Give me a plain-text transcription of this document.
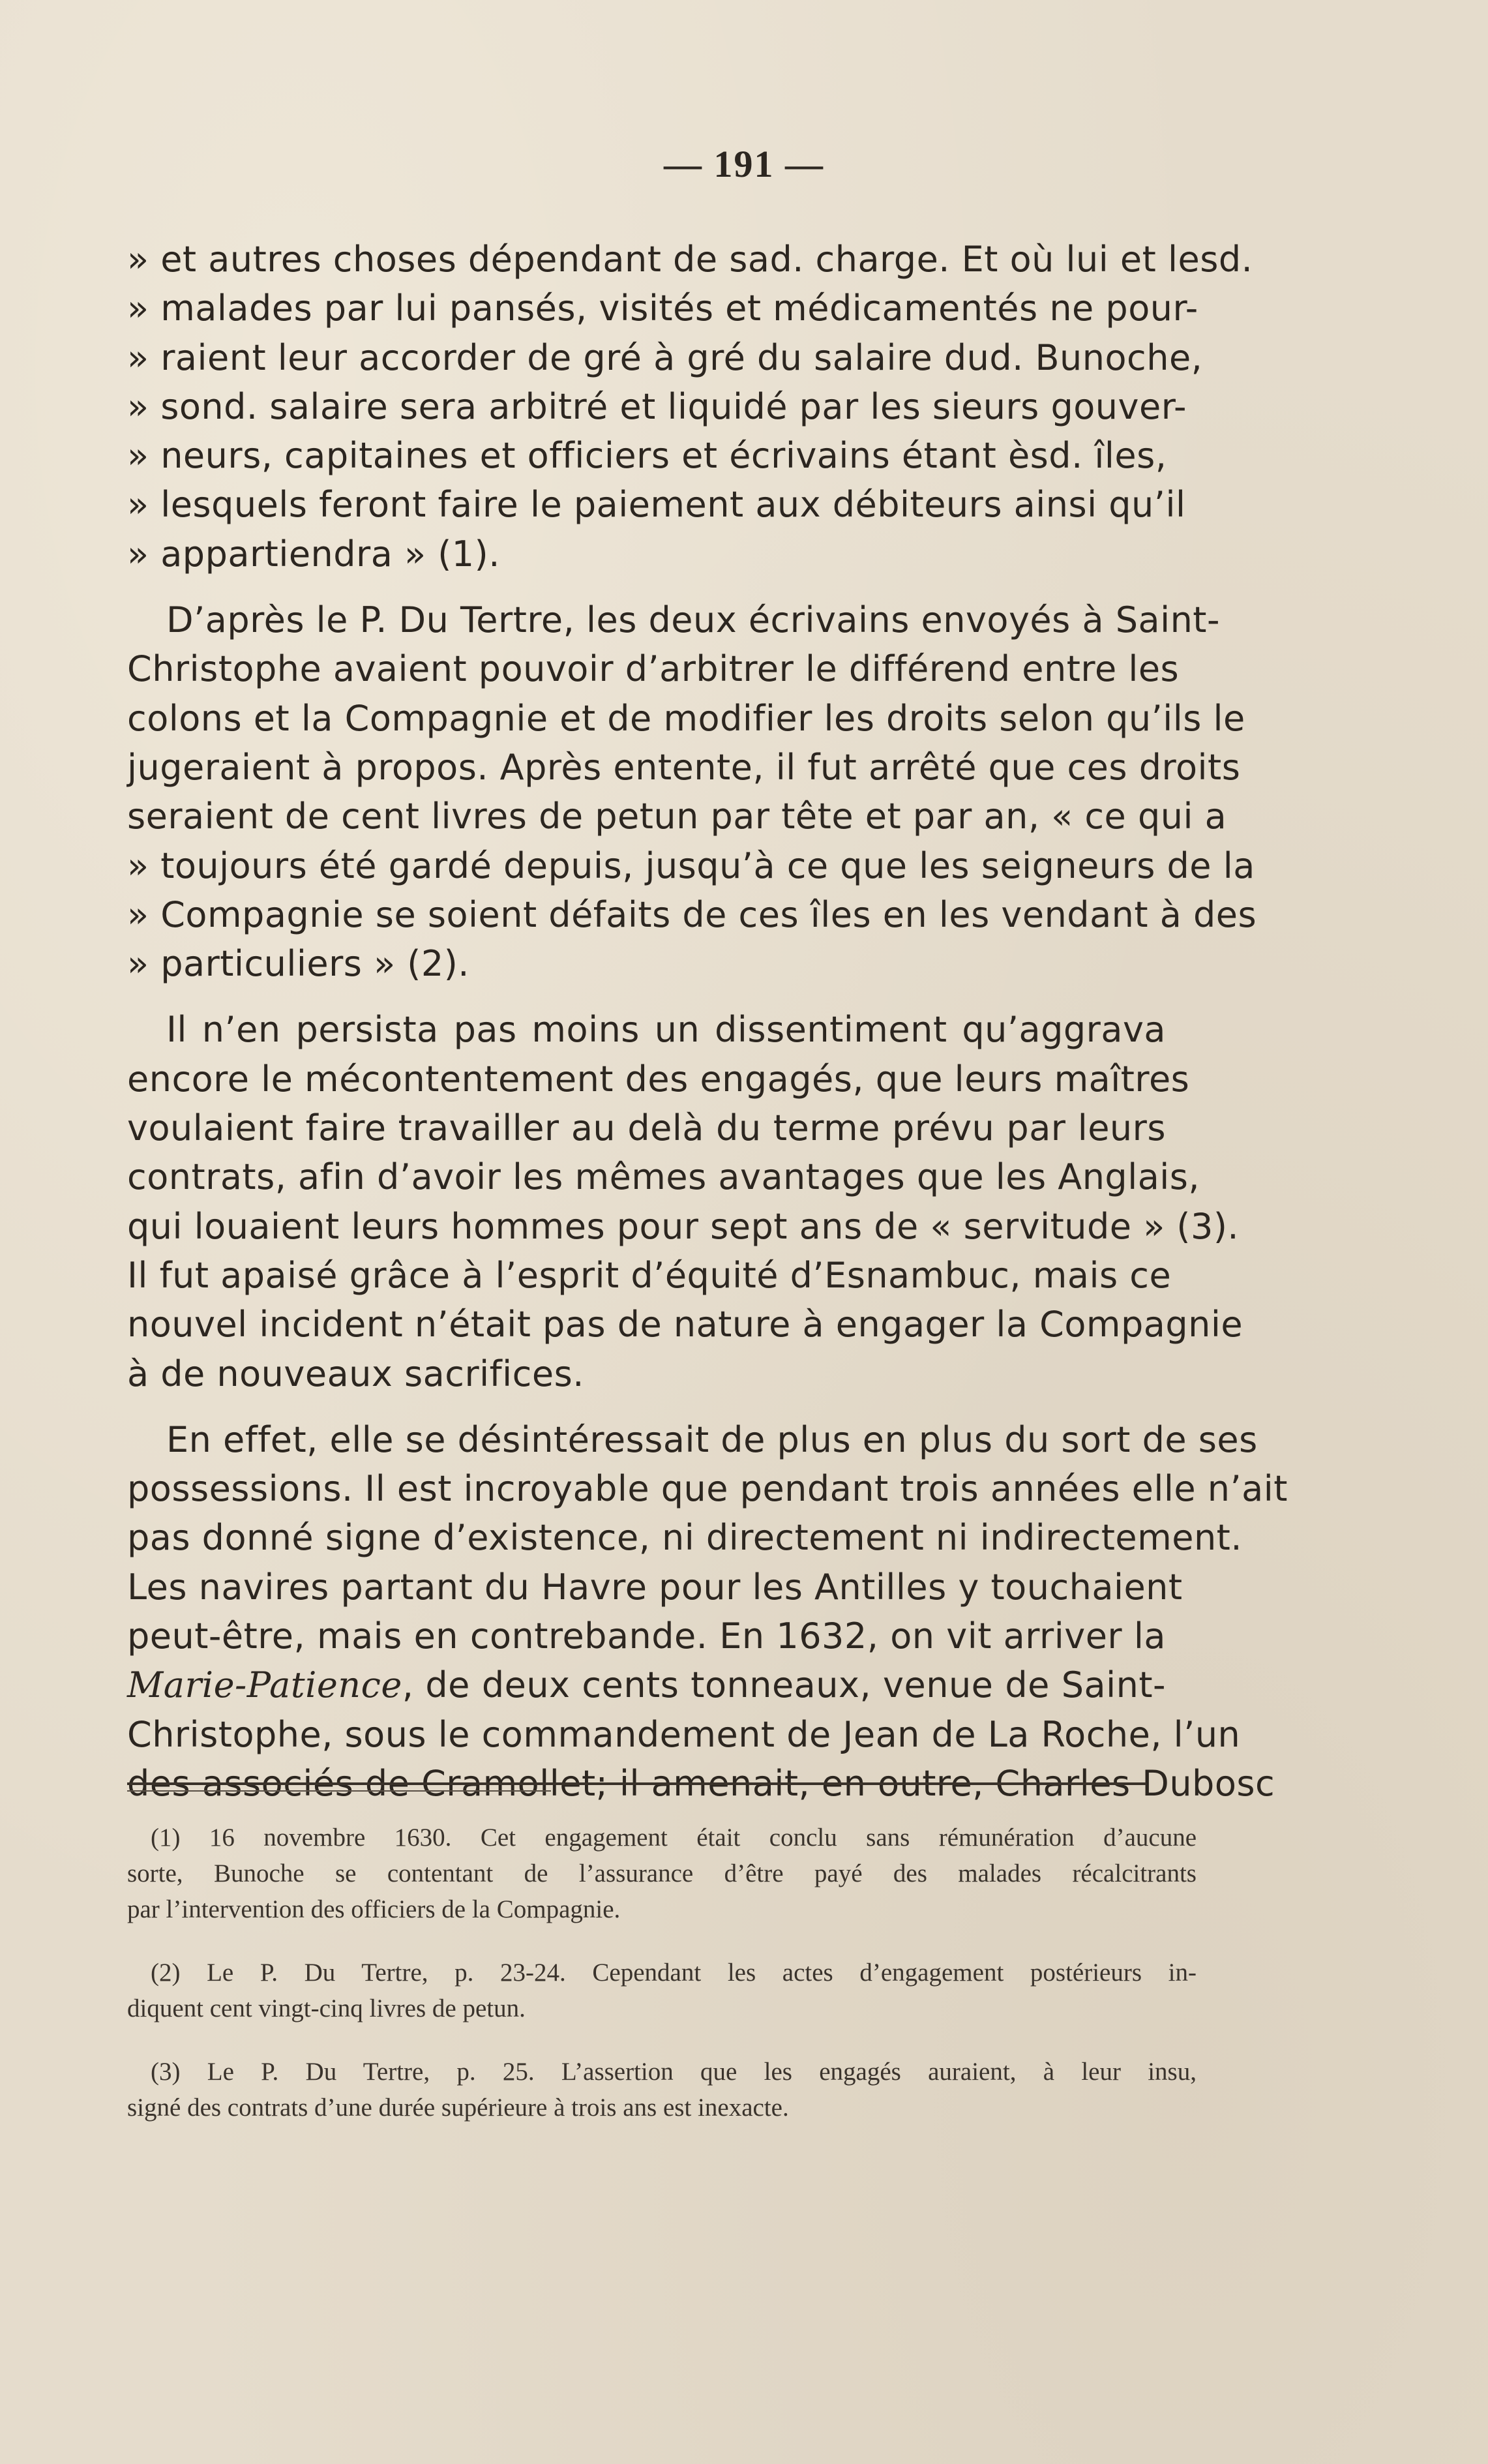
— 191 —
» et autres choses dépendant de sad. charge. Et où lui et lesd.
» malades par lui pansés, visités et médicamentés ne pour-
» raient leur accorder de gré à gré du salaire dud. Bunoche,
» sond. salaire sera arbitré et liquidé par les sieurs gouver-
» neurs, capitaines et officiers et écrivains étant èsd. îles,
» lesquels feront faire le paiement aux débiteurs ainsi qu’il
» appartiendra » (1).
D’après le P. Du Tertre, les deux écrivains envoyés à Saint-
Christophe avaient pouvoir d’arbitrer le différend entre les
colons et la Compagnie et de modifier les droits selon qu’ils le
jugeraient à propos. Après entente, il fut arrêté que ces droits
seraient de cent livres de petun par tête et par an, « ce qui a
» toujours été gardé depuis, jusqu’à ce que les seigneurs de la
» Compagnie se soient défaits de ces îles en les vendant à des
» particuliers » (2).
Il n’en persista pas moins un dissentiment qu’aggrava
encore le mécontentement des engagés, que leurs maîtres
voulaient faire travailler au delà du terme prévu par leurs
contrats, afin d’avoir les mêmes avantages que les Anglais,
qui louaient leurs hommes pour sept ans de « servitude » (3).
Il fut apaisé grâce à l’esprit d’équité d’Esnambuc, mais ce
nouvel incident n’était pas de nature à engager la Compagnie
à de nouveaux sacrifices.
En effet, elle se désintéressait de plus en plus du sort de ses
possessions. Il est incroyable que pendant trois années elle n’ait
pas donné signe d’existence, ni directement ni indirectement.
Les navires partant du Havre pour les Antilles y touchaient
peut-être, mais en contrebande. En 1632, on vit arriver la
Marie-Patience, de deux cents tonneaux, venue de Saint-
Christophe, sous le commandement de Jean de La Roche, l’un
des associés de Cramollet; il amenait, en outre, Charles Dubosc
(1) 16 novembre 1630. Cet engagement était conclu sans rémunération d’aucune
sorte, Bunoche se contentant de l’assurance d’être payé des malades récalcitrants
par l’intervention des officiers de la Compagnie.
(2) Le P. Du Tertre, p. 23-24. Cependant les actes d’engagement postérieurs in-
diquent cent vingt-cinq livres de petun.
(3) Le P. Du Tertre, p. 25. L’assertion que les engagés auraient, à leur insu,
signé des contrats d’une durée supérieure à trois ans est inexacte.
